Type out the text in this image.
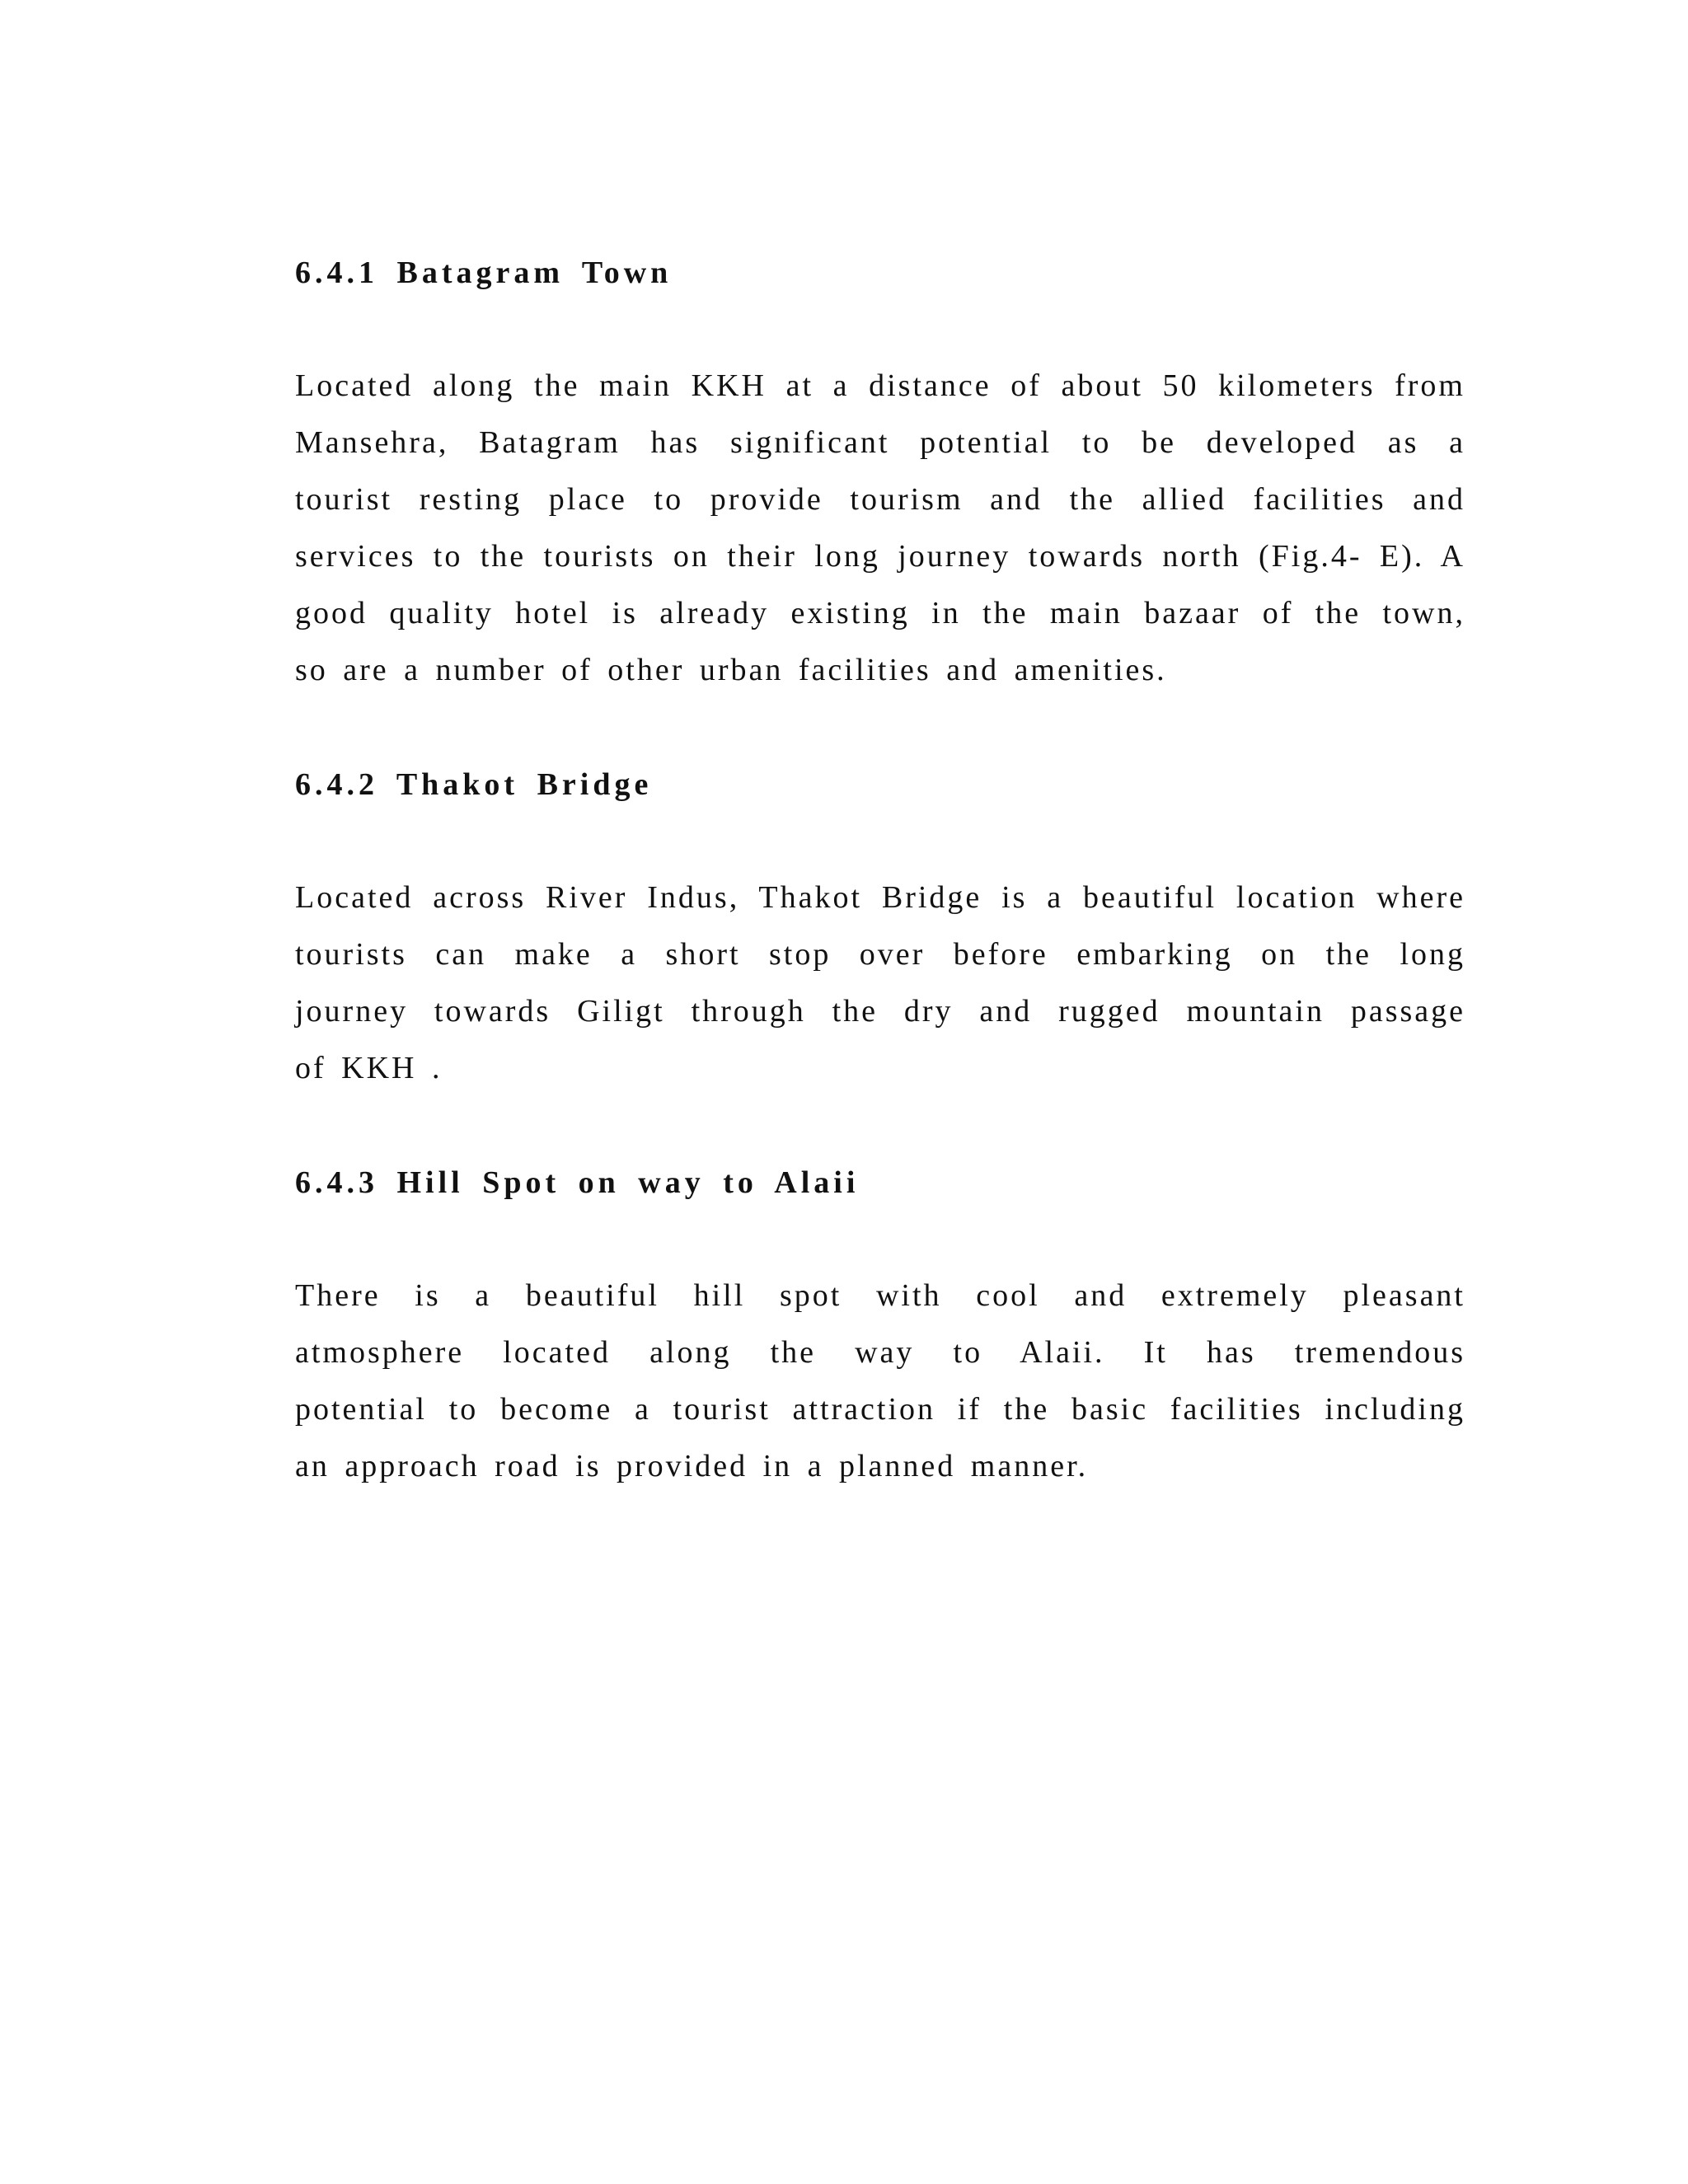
6.4.1 Batagram Town
Located along the main KKH at a distance of about 50 kilometers from
Mansehra, Batagram has significant potential to be developed as a
tourist resting place to provide tourism and the allied facilities and
services to the tourists on their long journey towards north (Fig.4- E). A
good quality hotel is already existing in the main bazaar of the town,
so are a number of other urban facilities and amenities.
6.4.2 Thakot Bridge
Located across River Indus, Thakot Bridge is a beautiful location where
tourists can make a short stop over before embarking on the long
journey towards Giligt through the dry and rugged mountain passage
of KKH .
6.4.3 Hill Spot on way to Alaii
There is a beautiful hill spot with cool and extremely pleasant
atmosphere located along the way to Alaii. It has tremendous
potential to become a tourist attraction if the basic facilities including
an approach road is provided in a planned manner.
